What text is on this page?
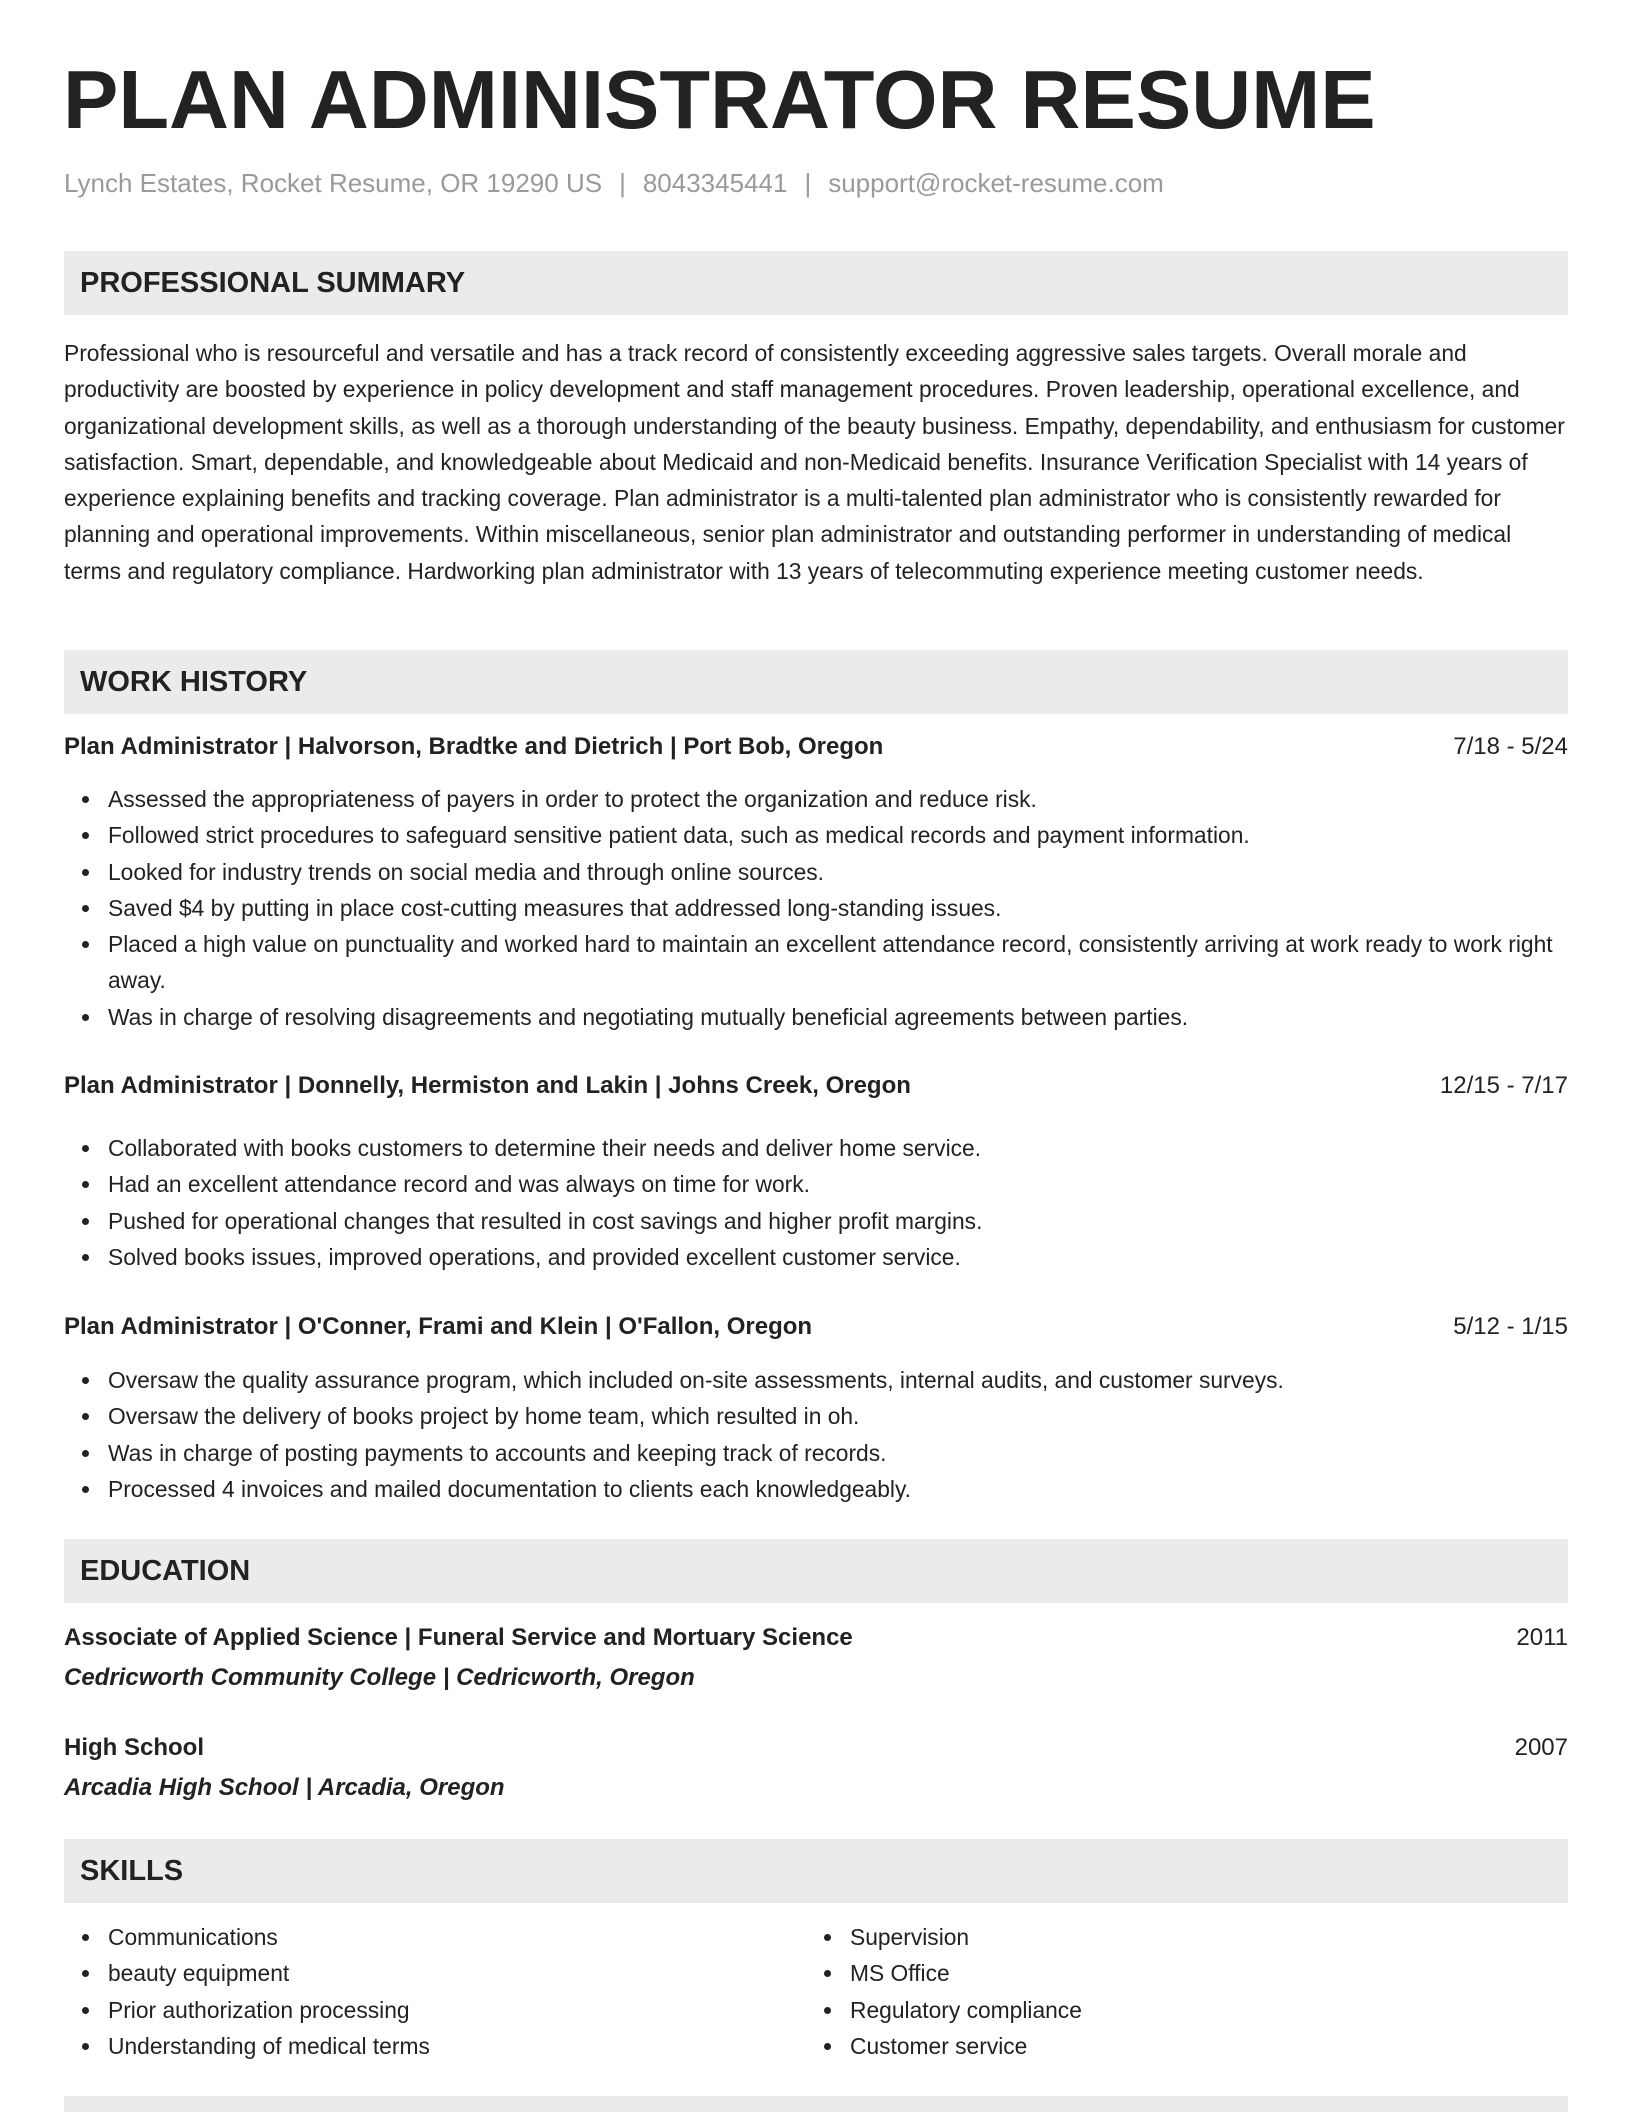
PLAN ADMINISTRATOR RESUME
Lynch Estates, Rocket Resume, OR 19290 US | 8043345441 | support@rocket-resume.com
PROFESSIONAL SUMMARY

Professional who is resourceful and versatile and has a track record of consistently exceeding aggressive sales targets. Overall morale and productivity are boosted by experience in policy development and staff management procedures. Proven leadership, operational excellence, and organizational development skills, as well as a thorough understanding of the beauty business. Empathy, dependability, and enthusiasm for customer satisfaction. Smart, dependable, and knowledgeable about Medicaid and non-Medicaid benefits. Insurance Verification Specialist with 14 years of experience explaining benefits and tracking coverage. Plan administrator is a multi-talented plan administrator who is consistently rewarded for planning and operational improvements. Within miscellaneous, senior plan administrator and outstanding performer in understanding of medical terms and regulatory compliance. Hardworking plan administrator with 13 years of telecommuting experience meeting customer needs.

WORK HISTORY
Plan Administrator | Halvorson, Bradtke and Dietrich | Port Bob, Oregon	7/18 - 5/24
Assessed the appropriateness of payers in order to protect the organization and reduce risk.
Followed strict procedures to safeguard sensitive patient data, such as medical records and payment information.
Looked for industry trends on social media and through online sources.
Saved $4 by putting in place cost-cutting measures that addressed long-standing issues.
Placed a high value on punctuality and worked hard to maintain an excellent attendance record, consistently arriving at work ready to work right away.
Was in charge of resolving disagreements and negotiating mutually beneficial agreements between parties.
Plan Administrator | Donnelly, Hermiston and Lakin | Johns Creek, Oregon	12/15 - 7/17
Collaborated with books customers to determine their needs and deliver home service.
Had an excellent attendance record and was always on time for work.
Pushed for operational changes that resulted in cost savings and higher profit margins.
Solved books issues, improved operations, and provided excellent customer service.
Plan Administrator | O'Conner, Frami and Klein | O'Fallon, Oregon	5/12 - 1/15
Oversaw the quality assurance program, which included on-site assessments, internal audits, and customer surveys.
Oversaw the delivery of books project by home team, which resulted in oh.
Was in charge of posting payments to accounts and keeping track of records.
Processed 4 invoices and mailed documentation to clients each knowledgeably.
EDUCATION
Associate of Applied Science | Funeral Service and Mortuary Science	2011
Cedricworth Community College | Cedricworth, Oregon
High School	2007
Arcadia High School | Arcadia, Oregon
SKILLS
Communications
beauty equipment
Prior authorization processing
Understanding of medical terms
Supervision
MS Office
Regulatory compliance
Customer service
